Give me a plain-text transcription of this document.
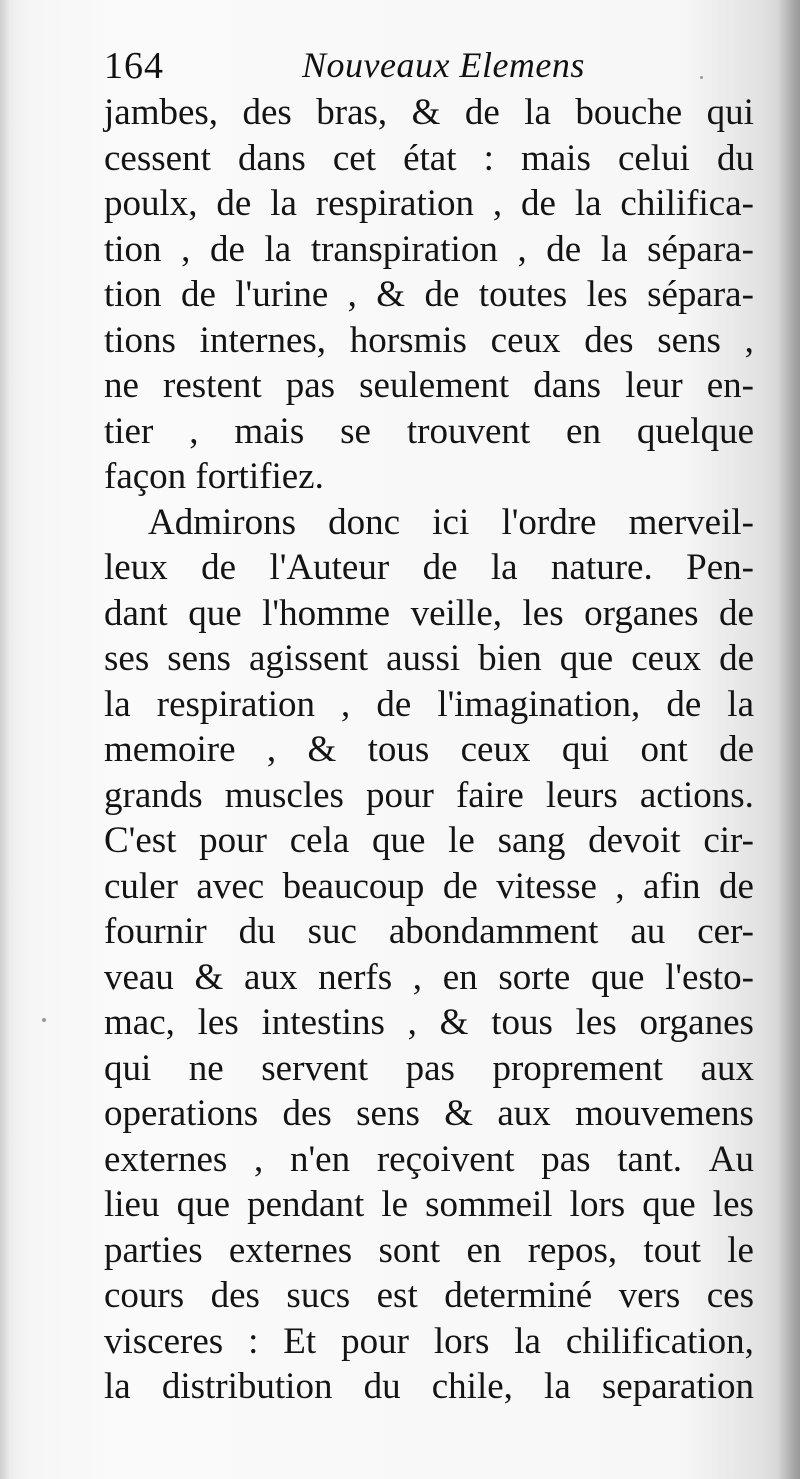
164	Nouveaux Elemens
jambes, des bras, & de la bouche qui
cessent dans cet état : mais celui du
poulx, de la respiration , de la chilifica-
tion , de la transpiration , de la sépara-
tion de l'urine , & de toutes les sépara-
tions internes, horsmis ceux des sens ,
ne restent pas seulement dans leur en-
tier , mais se trouvent en quelque
façon fortifiez.
Admirons donc ici l'ordre merveil-
leux de l'Auteur de la nature. Pen-
dant que l'homme veille, les organes de
ses sens agissent aussi bien que ceux de
la respiration , de l'imagination, de la
memoire , & tous ceux qui ont de
grands muscles pour faire leurs actions.
C'est pour cela que le sang devoit cir-
culer avec beaucoup de vitesse , afin de
fournir du suc abondamment au cer-
veau & aux nerfs , en sorte que l'esto-
mac, les intestins , & tous les organes
qui ne servent pas proprement aux
operations des sens & aux mouvemens
externes , n'en reçoivent pas tant. Au
lieu que pendant le sommeil lors que les
parties externes sont en repos, tout le
cours des sucs est determiné vers ces
visceres : Et pour lors la chilification,
la distribution du chile, la separation
